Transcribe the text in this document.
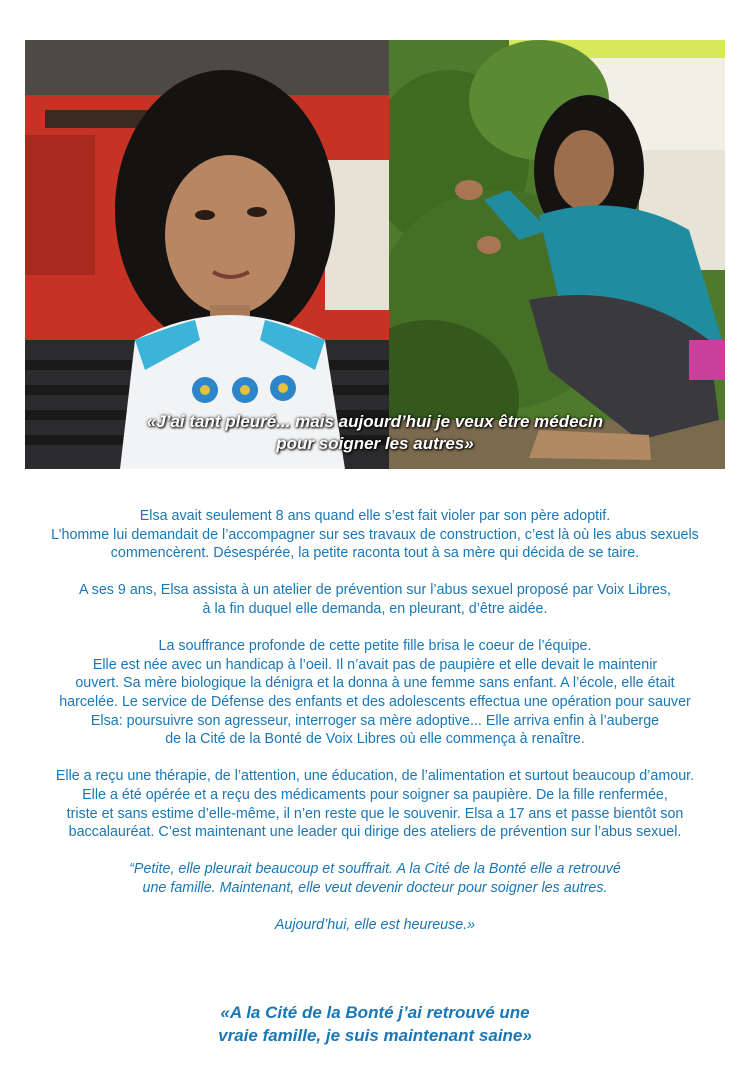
«J’ai tant pleuré... mais aujourd’hui je veux être médecin
pour soigner les autres»

Elsa avait seulement 8 ans quand elle s’est fait violer par son père adoptif.
L’homme lui demandait de l’accompagner sur ses travaux de construction, c’est là où les abus sexuels
commencèrent. Désespérée, la petite raconta tout à sa mère qui décida de se taire.

A ses 9 ans, Elsa assista à un atelier de prévention sur l’abus sexuel proposé par Voix Libres,
à la fin duquel elle demanda, en pleurant, d’être aidée.

La souffrance profonde de cette petite fille brisa le coeur de l’équipe.
Elle est née avec un handicap à l’oeil. Il n’avait pas de paupière et elle devait le maintenir
ouvert. Sa mère biologique la dénigra et la donna à une femme sans enfant. A l’école, elle était
harcelée. Le service de Défense des enfants et des adolescents effectua une opération pour sauver
Elsa: poursuivre son agresseur, interroger sa mère adoptive... Elle arriva enfin à l’auberge
de la Cité de la Bonté de Voix Libres où elle commença à renaître.

Elle a reçu une thérapie, de l’attention, une éducation, de l’alimentation et surtout beaucoup d’amour.
Elle a été opérée et a reçu des médicaments pour soigner sa paupière. De la fille renfermée,
triste et sans estime d’elle-même, il n’en reste que le souvenir. Elsa a 17 ans et passe bientôt son
baccalauréat. C’est maintenant une leader qui dirige des ateliers de prévention sur l’abus sexuel.

“Petite, elle pleurait beaucoup et souffrait. A la Cité de la Bonté elle a retrouvé
une famille. Maintenant, elle veut devenir docteur pour soigner les autres.

Aujourd’hui, elle est heureuse.»

«A la Cité de la Bonté j’ai retrouvé une
vraie famille, je suis maintenant saine»
